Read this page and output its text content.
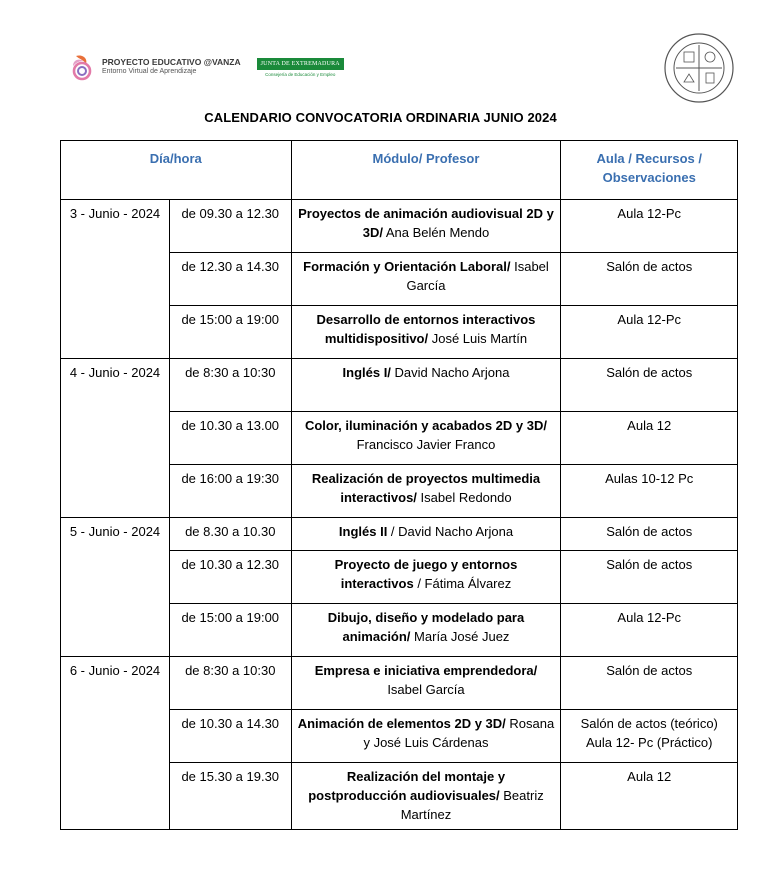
PROYECTO EDUCATIVO @VANZA
Entorno Virtual de Aprendizaje
JUNTA DE EXTREMADURA
Consejería de Educación y Empleo
CALENDARIO CONVOCATORIA ORDINARIA JUNIO 2024
Día/hora		Módulo/ Profesor	Aula / Recursos / Observaciones
3 - Junio - 2024	de 09.30 a 12.30	Proyectos de animación audiovisual 2D y 3D/ Ana Belén Mendo	Aula 12-Pc
	de 12.30 a 14.30	Formación y Orientación Laboral/ Isabel García	Salón de actos
	de 15:00 a 19:00	Desarrollo de entornos interactivos multidispositivo/ José Luis Martín	Aula 12-Pc
4 - Junio - 2024	de 8:30 a 10:30	Inglés I/ David Nacho Arjona	Salón de actos
	de 10.30 a 13.00	Color, iluminación y acabados 2D y 3D/ Francisco Javier Franco	Aula 12
	de 16:00 a 19:30	Realización de proyectos multimedia interactivos/ Isabel Redondo	Aulas 10-12 Pc
5 - Junio - 2024	de 8.30 a 10.30	Inglés II / David Nacho Arjona	Salón de actos
	de 10.30 a 12.30	Proyecto de juego y entornos interactivos / Fátima Álvarez	Salón de actos
	de 15:00 a 19:00	Dibujo, diseño y modelado para animación/ María José Juez	Aula 12-Pc
6 - Junio - 2024	de 8:30 a 10:30	Empresa e iniciativa emprendedora/ Isabel García	Salón de actos
	de 10.30 a 14.30	Animación de elementos 2D y 3D/ Rosana y José Luis Cárdenas	Salón de actos (teórico) Aula 12- Pc (Práctico)
	de 15.30 a 19.30	Realización del montaje y postproducción audiovisuales/ Beatriz Martínez	Aula 12
